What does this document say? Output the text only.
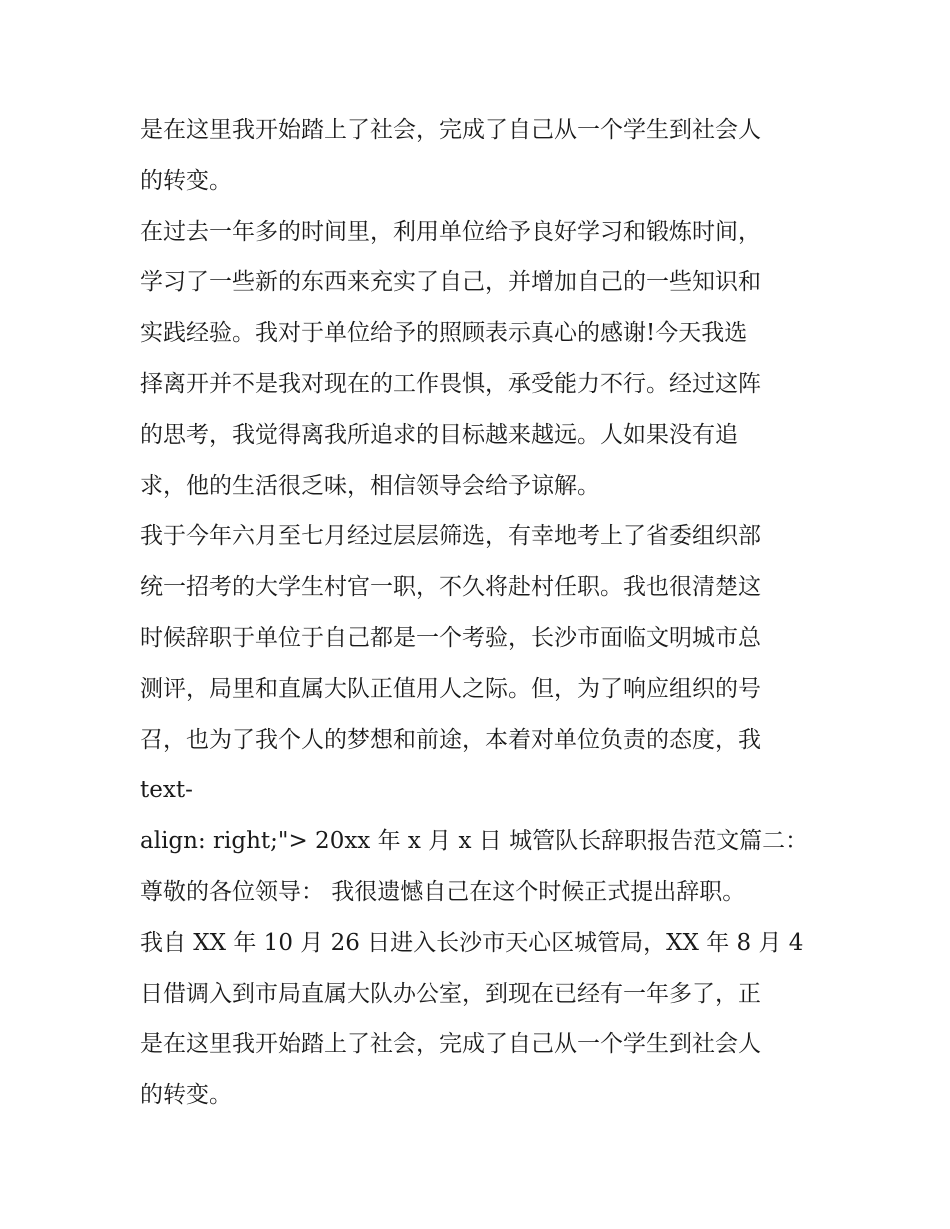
是在这里我开始踏上了社会，完成了自己从一个学生到社会人
的转变。
在过去一年多的时间里，利用单位给予良好学习和锻炼时间，
学习了一些新的东西来充实了自己，并增加自己的一些知识和
实践经验。我对于单位给予的照顾表示真心的感谢!今天我选
择离开并不是我对现在的工作畏惧，承受能力不行。经过这阵
的思考，我觉得离我所追求的目标越来越远。人如果没有追
求，他的生活很乏味，相信领导会给予谅解。
我于今年六月至七月经过层层筛选，有幸地考上了省委组织部
统一招考的大学生村官一职，不久将赴村任职。我也很清楚这
时候辞职于单位于自己都是一个考验，长沙市面临文明城市总
测评，局里和直属大队正值用人之际。但，为了响应组织的号
召，也为了我个人的梦想和前途，本着对单位负责的态度，我
text-
align: right;"> 20xx 年 x 月 x 日 城管队长辞职报告范文篇二：
尊敬的各位领导： 我很遗憾自己在这个时候正式提出辞职。
我自 XX 年 10 月 26 日进入长沙市天心区城管局，XX 年 8 月 4
日借调入到市局直属大队办公室，到现在已经有一年多了，正
是在这里我开始踏上了社会，完成了自己从一个学生到社会人
的转变。
